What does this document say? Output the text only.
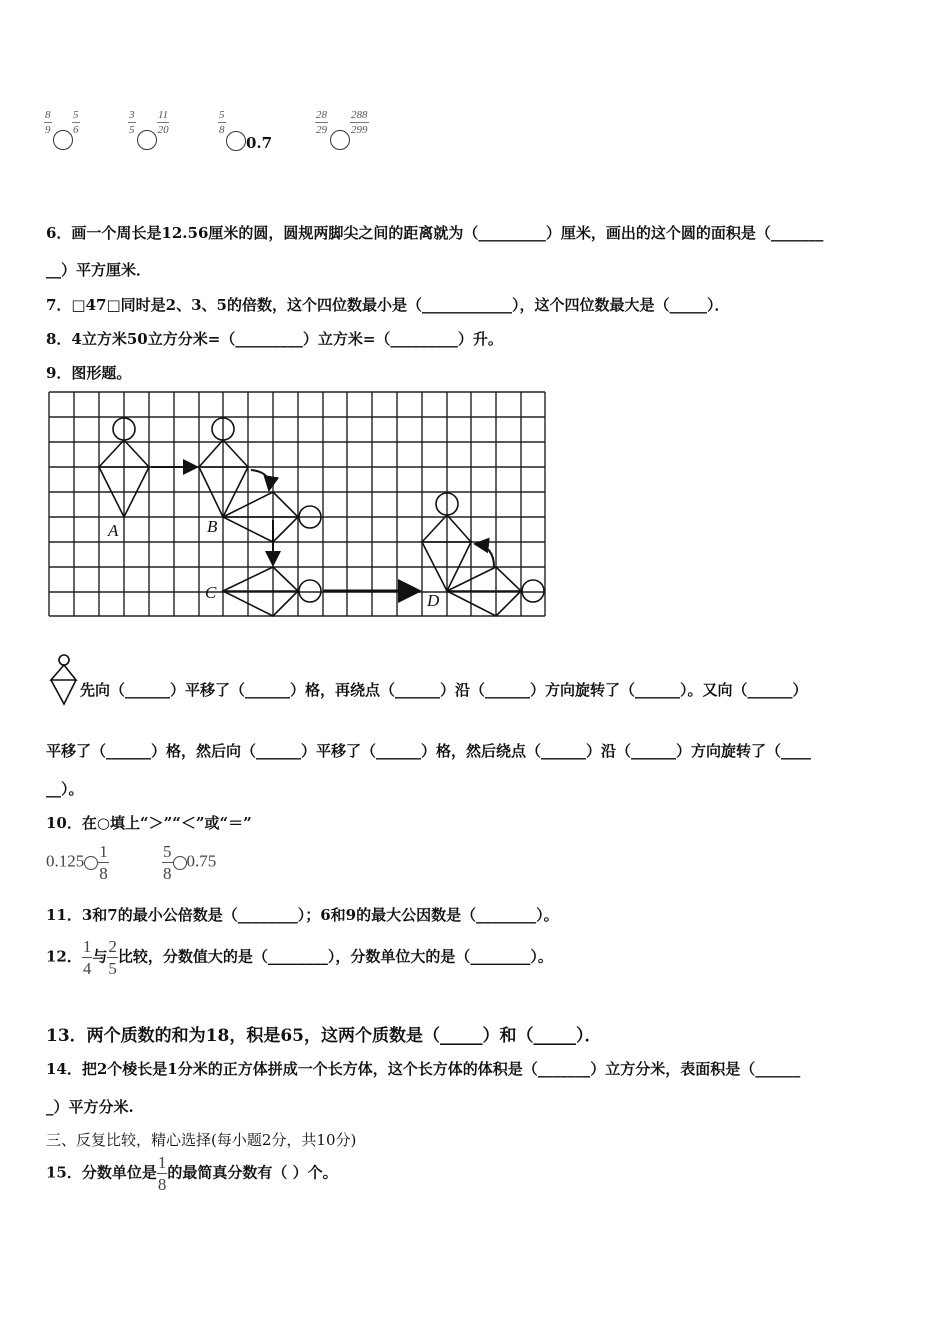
$\frac{8}{9} \frac{5}{6}$	$\frac{3}{5} \frac{11}{20}$	$\frac{5}{8}$
0.7
$\frac{28}{29} \frac{288}{299}$
6．画一个周长是12.56厘米的圆，圆规两脚尖之间的距离就为（_________）厘米，画出的这个圆的面积是（_______
__）平方厘米．
7．□47□同时是2、3、5的倍数，这个四位数最小是（____________），这个四位数最大是（_____）．
8．4立方米50立方分米=（_________）立方米=（_________）升。
9．图形题。
A	B
C	D
先向（______）平移了（______）格，再绕点（______）沿（______）方向旋转了（______）。又向（______）
平移了（______）格，然后向（______）平移了（______）格，然后绕点（______）沿（______）方向旋转了（____
__）。
10．在○填上“＞”“＜”或“＝”
$0.125 \frac{1}{8}$	$\frac{5}{8} 0.75$
11．3和7的最小公倍数是（________）；6和9的最大公因数是（________）。
12． $\frac{1}{4}$ 与 $\frac{2}{5}$ 比较，分数值大的是（________），分数单位大的是（________）。
13．两个质数的和为18，积是65，这两个质数是（_____）和（_____）．
14．把2个棱长是1分米的正方体拼成一个长方体，这个长方体的体积是（_______）立方分米，表面积是（______
_）平方分米.
三、反复比较，精心选择(每小题2分，共10分)
15．分数单位是 $\frac{1}{8}$ 的最简真分数有（ ）个。
